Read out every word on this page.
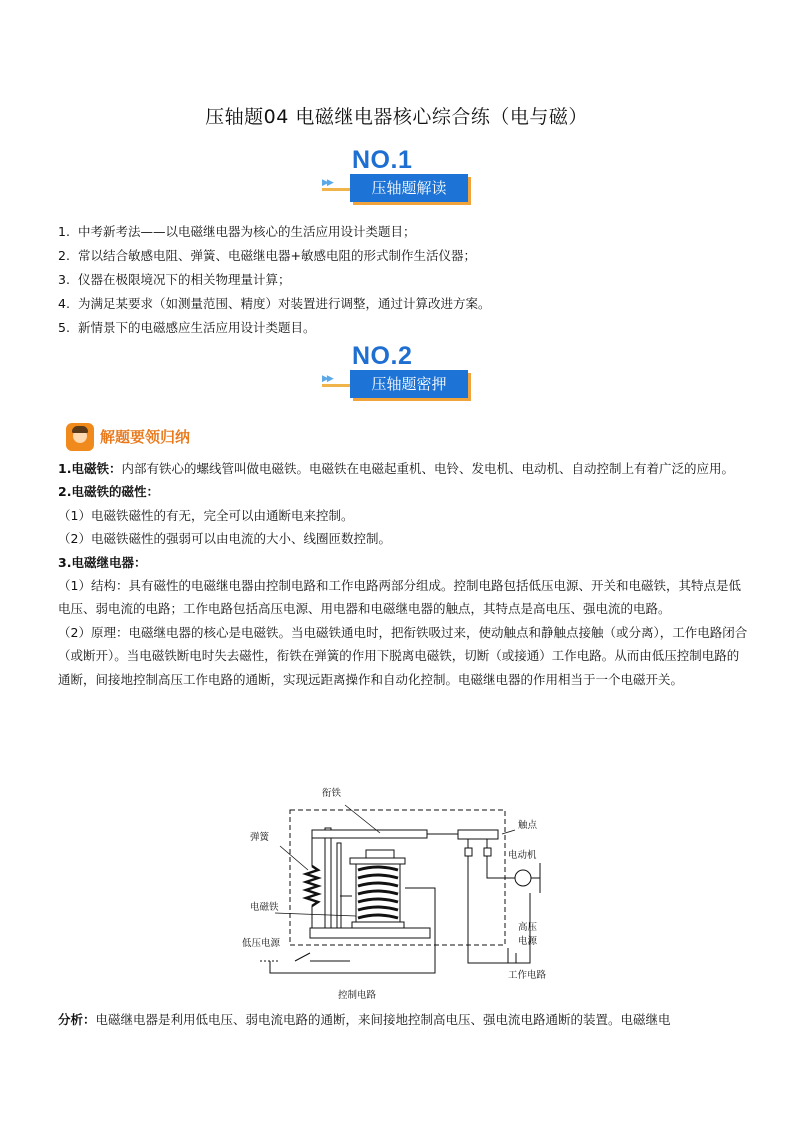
压轴题04 电磁继电器核心综合练（电与磁）
NO.1
▶▶	压轴题解读
1. 中考新考法——以电磁继电器为核心的生活应用设计类题目；
2. 常以结合敏感电阻、弹簧、电磁继电器+敏感电阻的形式制作生活仪器；
3. 仪器在极限境况下的相关物理量计算；
4. 为满足某要求（如测量范围、精度）对装置进行调整，通过计算改进方案。
5. 新情景下的电磁感应生活应用设计类题目。
NO.2
▶▶	压轴题密押
解题要领归纳

1.电磁铁：内部有铁心的螺线管叫做电磁铁。电磁铁在电磁起重机、电铃、发电机、电动机、自动控制上有着广泛的应用。

2.电磁铁的磁性：

（1）电磁铁磁性的有无，完全可以由通断电来控制。

（2）电磁铁磁性的强弱可以由电流的大小、线圈匝数控制。

3.电磁继电器：

（1）结构：具有磁性的电磁继电器由控制电路和工作电路两部分组成。控制电路包括低压电源、开关和电磁铁，其特点是低电压、弱电流的电路；工作电路包括高压电源、用电器和电磁继电器的触点，其特点是高电压、强电流的电路。

（2）原理：电磁继电器的核心是电磁铁。当电磁铁通电时，把衔铁吸过来，使动触点和静触点接触（或分离），工作电路闭合（或断开）。当电磁铁断电时失去磁性，衔铁在弹簧的作用下脱离电磁铁，切断（或接通）工作电路。从而由低压控制电路的通断，间接地控制高压工作电路的通断，实现远距离操作和自动化控制。电磁继电器的作用相当于一个电磁开关。

衔铁
弹簧
触点
电动机
电磁铁
低压电源
高压
电源
工作电路
控制电路
分析：电磁继电器是利用低电压、弱电流电路的通断，来间接地控制高电压、强电流电路通断的装置。电磁继电
